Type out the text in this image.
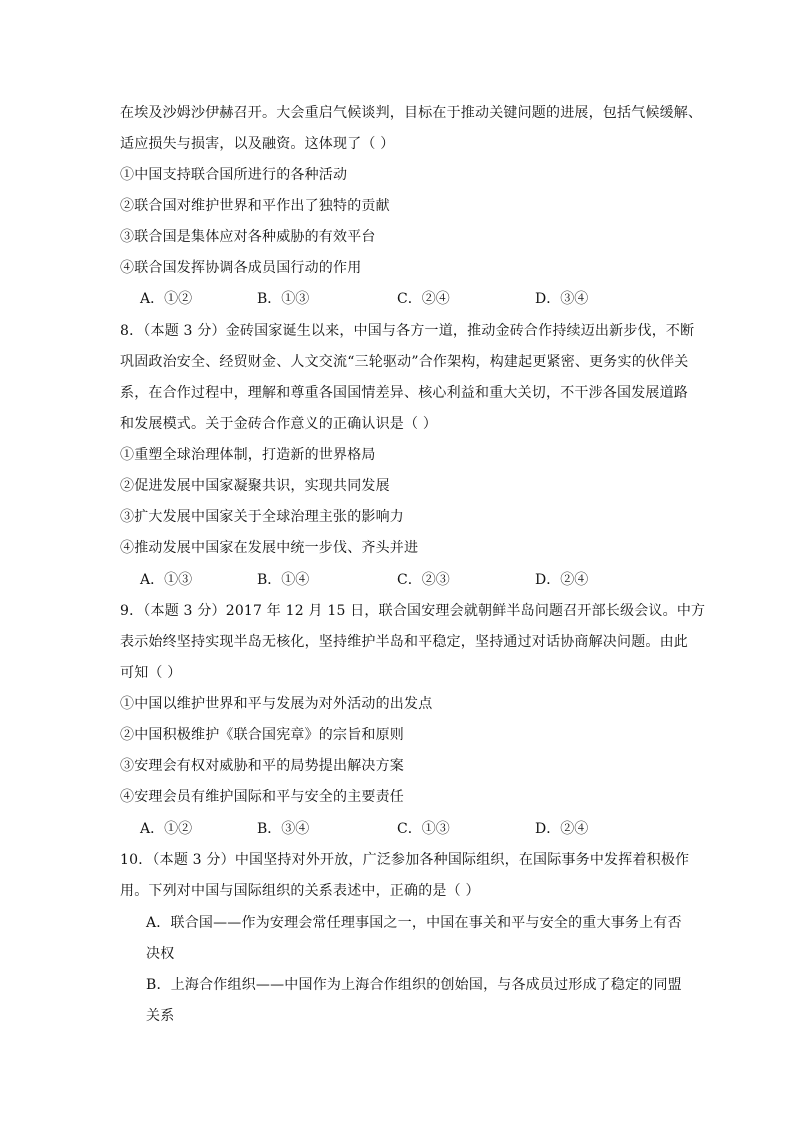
在埃及沙姆沙伊赫召开。大会重启气候谈判，目标在于推动关键问题的进展，包括气候缓解、
适应损失与损害，以及融资。这体现了（ ）
①中国支持联合国所进行的各种活动
②联合国对维护世界和平作出了独特的贡献
③联合国是集体应对各种威胁的有效平台
④联合国发挥协调各成员国行动的作用
A．①②	B．①③	C．②④	D．③④
8．（本题 3 分）金砖国家诞生以来，中国与各方一道，推动金砖合作持续迈出新步伐，不断
巩固政治安全、经贸财金、人文交流“三轮驱动”合作架构，构建起更紧密、更务实的伙伴关
系，在合作过程中，理解和尊重各国国情差异、核心利益和重大关切，不干涉各国发展道路
和发展模式。关于金砖合作意义的正确认识是（ ）
①重塑全球治理体制，打造新的世界格局
②促进发展中国家凝聚共识，实现共同发展
③扩大发展中国家关于全球治理主张的影响力
④推动发展中国家在发展中统一步伐、齐头并进
A．①③	B．①④	C．②③	D．②④
9．（本题 3 分）2017 年 12 月 15 日，联合国安理会就朝鲜半岛问题召开部长级会议。中方
表示始终坚持实现半岛无核化，坚持维护半岛和平稳定，坚持通过对话协商解决问题。由此
可知（ ）
①中国以维护世界和平与发展为对外活动的出发点
②中国积极维护《联合国宪章》的宗旨和原则
③安理会有权对威胁和平的局势提出解决方案
④安理会员有维护国际和平与安全的主要责任
A．①②	B．③④	C．①③	D．②④
10．（本题 3 分）中国坚持对外开放，广泛参加各种国际组织，在国际事务中发挥着积极作
用。下列对中国与国际组织的关系表述中，正确的是（ ）
A．联合国——作为安理会常任理事国之一，中国在事关和平与安全的重大事务上有否
决权
B．上海合作组织——中国作为上海合作组织的创始国，与各成员过形成了稳定的同盟
关系
